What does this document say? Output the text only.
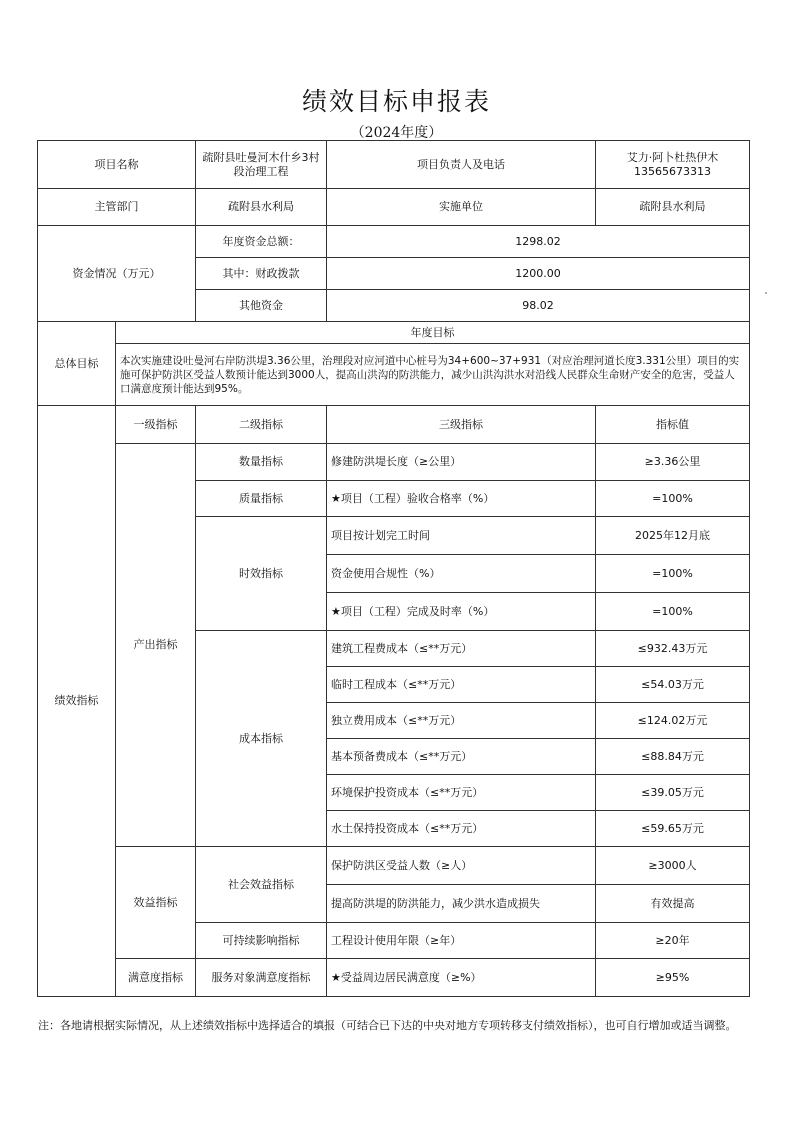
绩效目标申报表
（2024年度）
项目名称		疏附县吐曼河木什乡3村段治理工程	项目负责人及电话	艾力·阿卜杜热伊木
13565673313
主管部门		疏附县水利局	实施单位	疏附县水利局
资金情况（万元）		年度资金总额：	1298.02	
		其中：财政拨款	1200.00	
		其他资金	98.02	
总体目标	年度目标			
	本次实施建设吐曼河右岸防洪堤3.36公里，治理段对应河道中心桩号为34+600~37+931（对应治理河道长度3.331公里）项目的实施可保护防洪区受益人数预计能达到3000人，提高山洪沟的防洪能力，减少山洪沟洪水对沿线人民群众生命财产安全的危害，受益人口满意度预计能达到95%。			
绩效指标	一级指标	二级指标	三级指标	指标值
	产出指标	数量指标	修建防洪堤长度（≥公里）	≥3.36公里
		质量指标	★项目（工程）验收合格率（%）	=100%
		时效指标	项目按计划完工时间	2025年12月底
			资金使用合规性（%）	=100%
			★项目（工程）完成及时率（%）	=100%
		成本指标	建筑工程费成本（≤**万元）	≤932.43万元
			临时工程成本（≤**万元）	≤54.03万元
			独立费用成本（≤**万元）	≤124.02万元
			基本预备费成本（≤**万元）	≤88.84万元
			环境保护投资成本（≤**万元）	≤39.05万元
			水土保持投资成本（≤**万元）	≤59.65万元
	效益指标	社会效益指标	保护防洪区受益人数（≥人）	≥3000人
			提高防洪堤的防洪能力，减少洪水造成损失	有效提高
		可持续影响指标	工程设计使用年限（≥年）	≥20年
	满意度指标	服务对象满意度指标	★受益周边居民满意度（≥%）	≥95%
注：各地请根据实际情况，从上述绩效指标中选择适合的填报（可结合已下达的中央对地方专项转移支付绩效指标），也可自行增加或适当调整。
